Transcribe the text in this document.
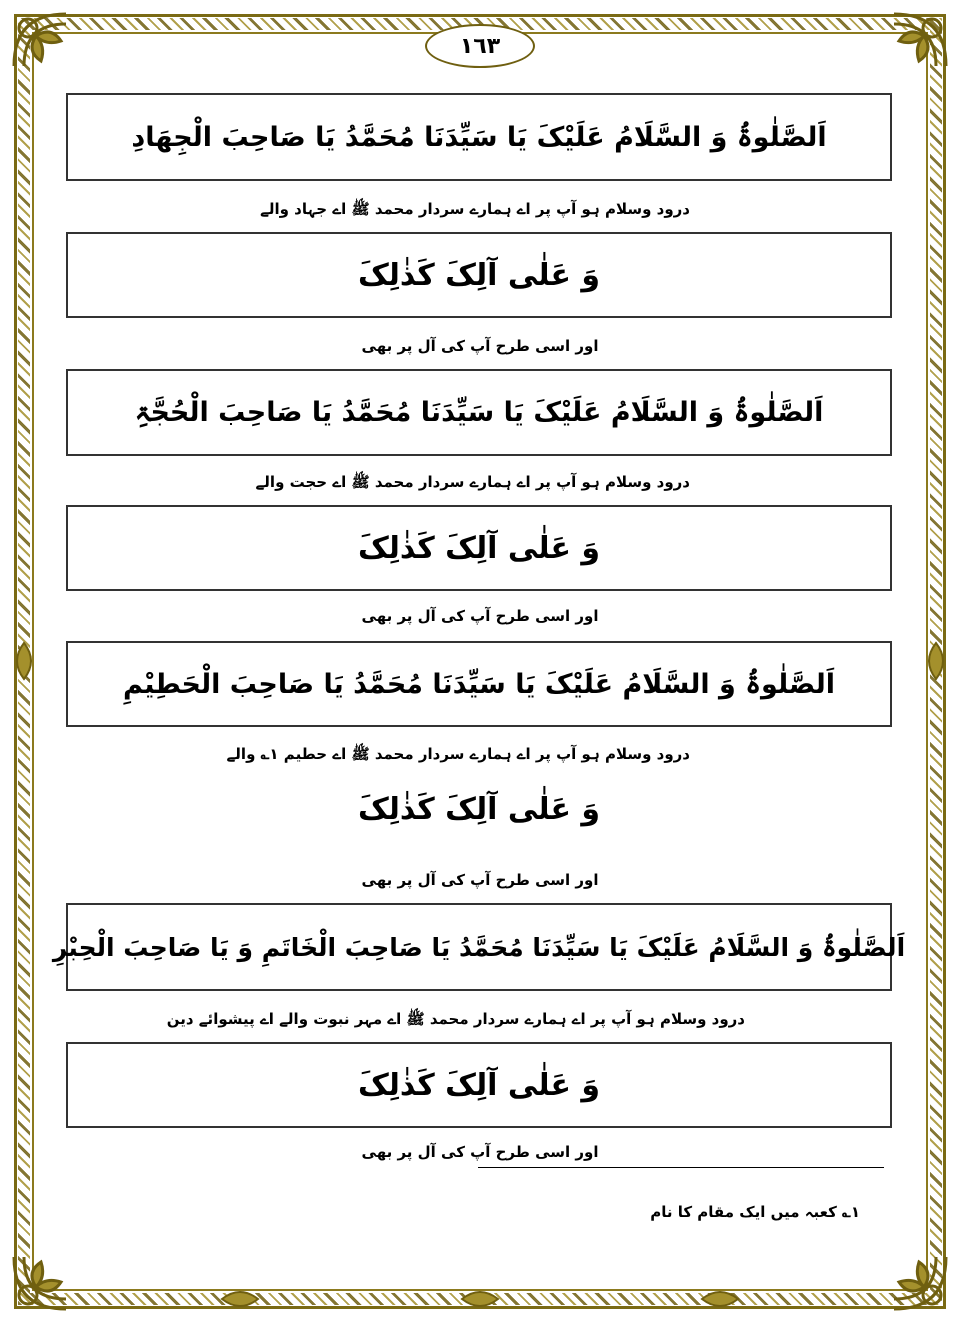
١٦٣
اَلصَّلٰوۃُ وَ السَّلَامُ عَلَیْکَ یَا سَیِّدَنَا مُحَمَّدُ یَا صَاحِبَ الْجِھَادِ
درود وسلام ہو آپ پر اے ہمارے سردار محمد ﷺ اے جہاد والے
وَ عَلٰی آلِکَ کَذٰلِکَ
اور اسی طرح آپ کی آل پر بھی
اَلصَّلٰوۃُ وَ السَّلَامُ عَلَیْکَ یَا سَیِّدَنَا مُحَمَّدُ یَا صَاحِبَ الْحُجَّۃِ
درود وسلام ہو آپ پر اے ہمارے سردار محمد ﷺ اے حجت والے
وَ عَلٰی آلِکَ کَذٰلِکَ
اور اسی طرح آپ کی آل پر بھی
اَلصَّلٰوۃُ وَ السَّلَامُ عَلَیْکَ یَا سَیِّدَنَا مُحَمَّدُ یَا صَاحِبَ الْحَطِیْمِ
درود وسلام ہو آپ پر اے ہمارے سردار محمد ﷺ اے حطیم ۱؎ والے
وَ عَلٰی آلِکَ کَذٰلِکَ
اور اسی طرح آپ کی آل پر بھی
اَلصَّلٰوۃُ وَ السَّلَامُ عَلَیْکَ یَا سَیِّدَنَا مُحَمَّدُ یَا صَاحِبَ الْخَاتَمِ وَ یَا صَاحِبَ الْحِبْرِ
درود وسلام ہو آپ پر اے ہمارے سردار محمد ﷺ اے مہر نبوت والے اے پیشوائے دین
وَ عَلٰی آلِکَ کَذٰلِکَ
اور اسی طرح آپ کی آل پر بھی
۱؎ کعبہ میں ایک مقام کا نام
